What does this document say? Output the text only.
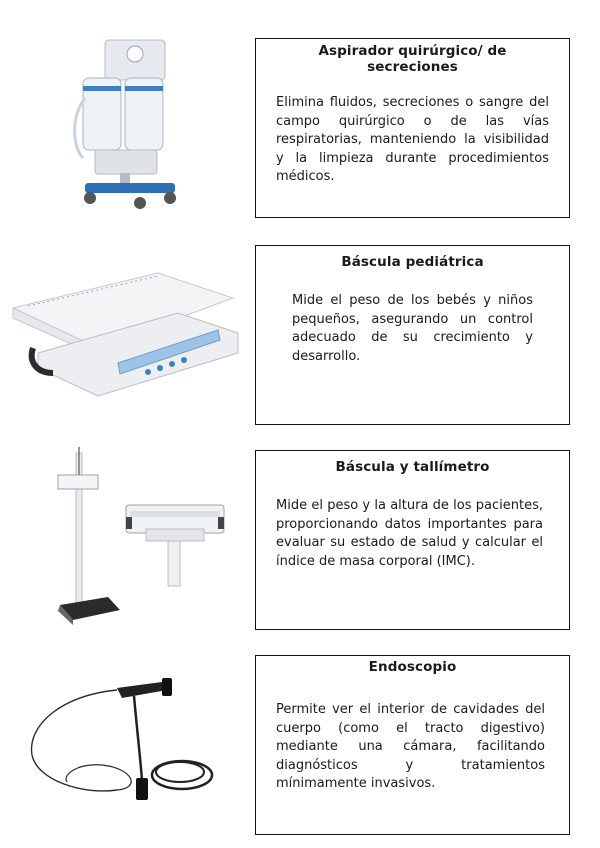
Aspirador quirúrgico/ de secreciones

Elimina fluidos, secreciones o sangre del campo quirúrgico o de las vías respiratorias, manteniendo la visibilidad y la limpieza durante procedimientos médicos.

Báscula pediátrica

Mide el peso de los bebés y niños pequeños, asegurando un control adecuado de su crecimiento y desarrollo.

Báscula y tallímetro

Mide el peso y la altura de los pacientes, proporcionando datos importantes para evaluar su estado de salud y calcular el índice de masa corporal (IMC).

Endoscopio

Permite ver el interior de cavidades del cuerpo (como el tracto digestivo) mediante una cámara, facilitando diagnósticos y tratamientos mínimamente invasivos.
